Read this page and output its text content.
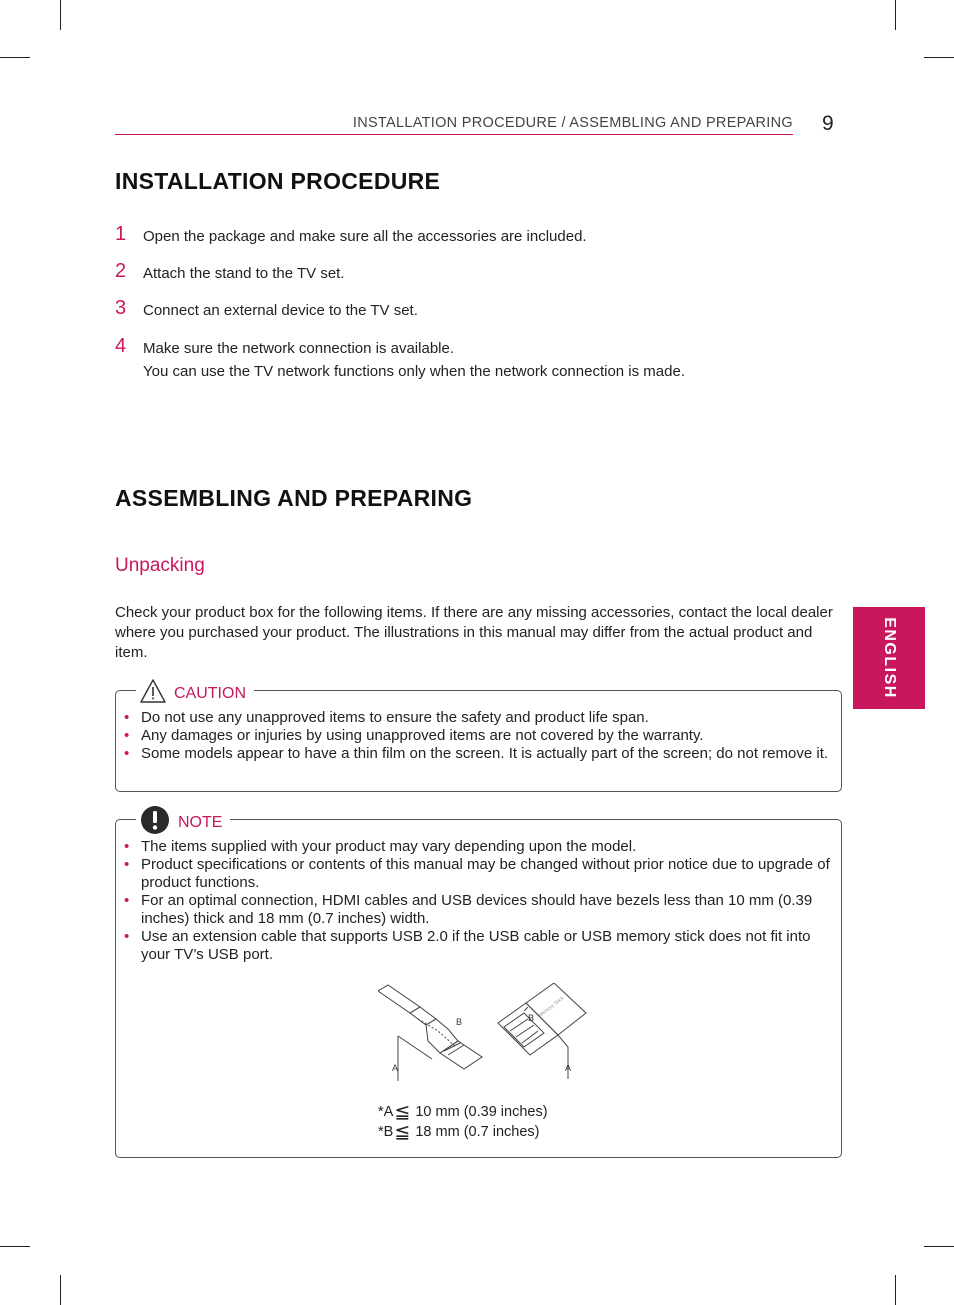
INSTALLATION PROCEDURE / ASSEMBLING AND PREPARING 9
INSTALLATION PROCEDURE
1 Open the package and make sure all the accessories are included.
2 Attach the stand to the TV set.
3 Connect an external device to the TV set.
4 Make sure the network connection is available.
You can use the TV network functions only when the network connection is made.
ASSEMBLING AND PREPARING
Unpacking
Check your product box for the following items. If there are any missing accessories, contact the local dealer where you purchased your product. The illustrations in this manual may differ from the actual product and item.	ENGLISH
CAUTION
• Do not use any unapproved items to ensure the safety and product life span.
• Any damages or injuries by using unapproved items are not covered by the warranty.
• Some models appear to have a thin film on the screen. It is actually part of the screen; do not remove it.
NOTE
• The items supplied with your product may vary depending upon the model.
• Product specifications or contents of this manual may be changed without prior notice due to upgrade of product functions.
• For an optimal connection, HDMI cables and USB devices should have bezels less than 10 mm (0.39 inches) thick and 18 mm (0.7 inches) width.
• Use an extension cable that supports USB 2.0 if the USB cable or USB memory stick does not fit into your TV’s USB port.
B
A
B
A
Memory Stick
*A≦ 10 mm (0.39 inches)
*B≦ 18 mm (0.7 inches)
